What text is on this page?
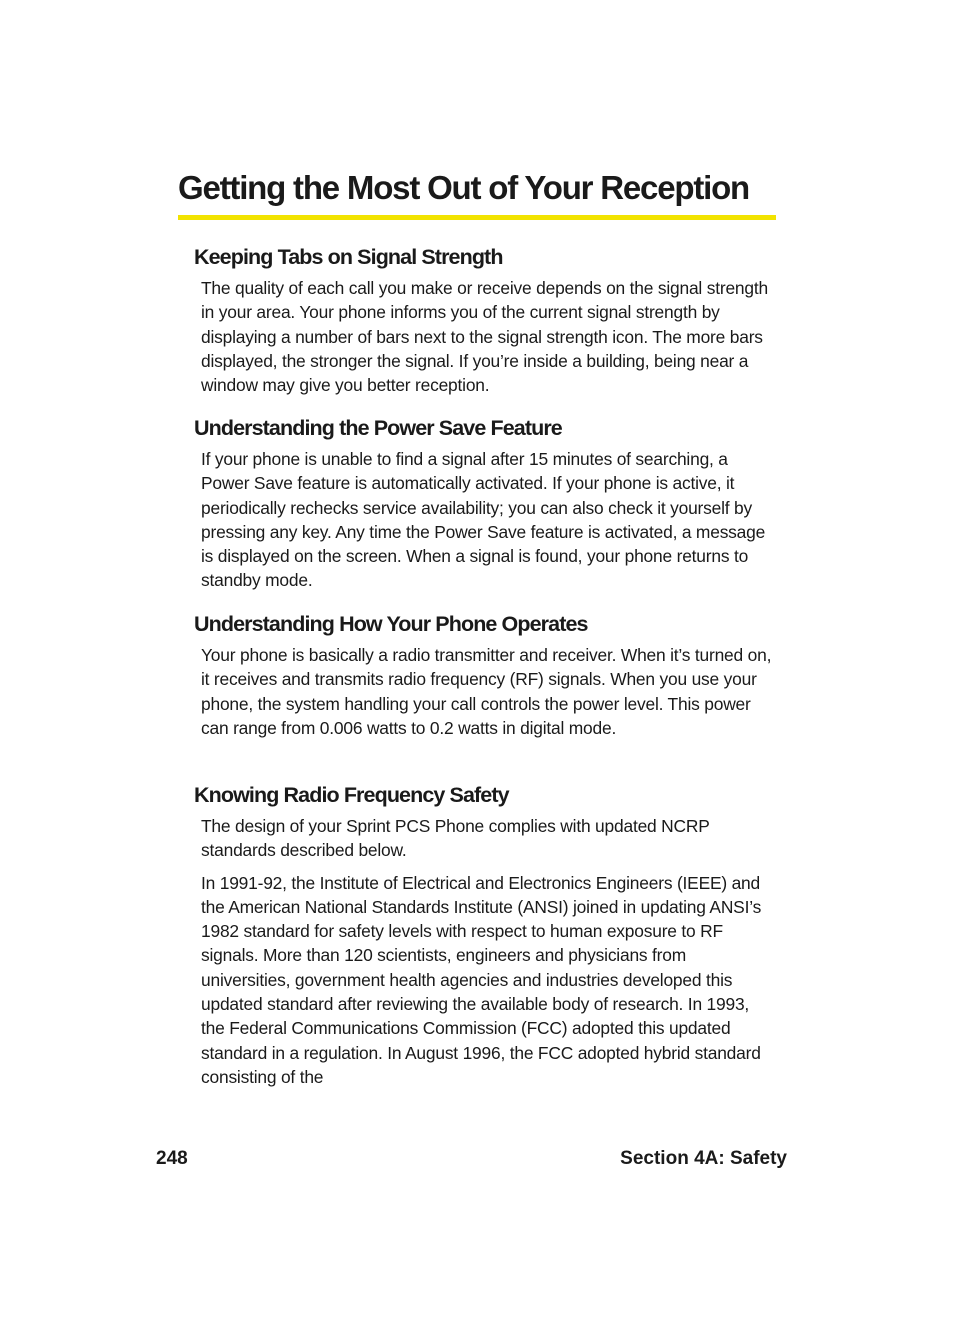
Getting the Most Out of Your Reception
Keeping Tabs on Signal Strength

The quality of each call you make or receive depends on the signal strength in your area. Your phone informs you of the current signal strength by displaying a number of bars next to the signal strength icon. The more bars displayed, the stronger the signal. If you’re inside a building, being near a window may give you better reception.

Understanding the Power Save Feature

If your phone is unable to find a signal after 15 minutes of searching, a Power Save feature is automatically activated. If your phone is active, it periodically rechecks service availability; you can also check it yourself by pressing any key. Any time the Power Save feature is activated, a message is displayed on the screen. When a signal is found, your phone returns to standby mode.

Understanding How Your Phone Operates

Your phone is basically a radio transmitter and receiver. When it’s turned on, it receives and transmits radio frequency (RF) signals. When you use your phone, the system handling your call controls the power level. This power can range from 0.006 watts to 0.2 watts in digital mode.

Knowing Radio Frequency Safety

The design of your Sprint PCS Phone complies with updated NCRP standards described below.

In 1991-92, the Institute of Electrical and Electronics Engineers (IEEE) and the American National Standards Institute (ANSI) joined in updating ANSI’s 1982 standard for safety levels with respect to human exposure to RF signals. More than 120 scientists, engineers and physicians from universities, government health agencies and industries developed this updated standard after reviewing the available body of research. In 1993, the Federal Communications Commission (FCC) adopted this updated standard in a regulation. In August 1996, the FCC adopted hybrid standard consisting of the

248	Section 4A: Safety
